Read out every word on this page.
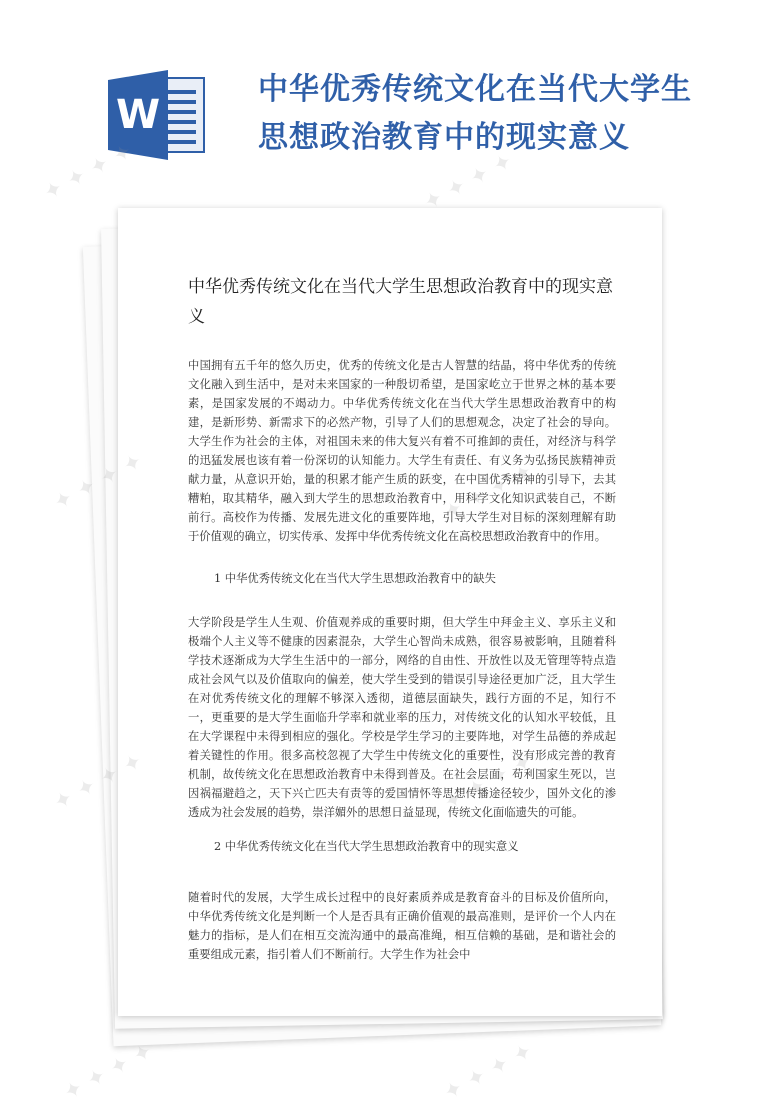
W
中华优秀传统文化在当代大学生思想政治教育中的现实意义
中华优秀传统文化在当代大学生思想政治教育中的现实意义

中国拥有五千年的悠久历史，优秀的传统文化是古人智慧的结晶，将中华优秀的传统文化融入到生活中，是对未来国家的一种殷切希望，是国家屹立于世界之林的基本要素，是国家发展的不竭动力。中华优秀传统文化在当代大学生思想政治教育中的构建，是新形势、新需求下的必然产物，引导了人们的思想观念，决定了社会的导向。大学生作为社会的主体，对祖国未来的伟大复兴有着不可推卸的责任，对经济与科学的迅猛发展也该有着一份深切的认知能力。大学生有责任、有义务为弘扬民族精神贡献力量，从意识开始，量的积累才能产生质的跃变，在中国优秀精神的引导下，去其糟粕，取其精华，融入到大学生的思想政治教育中，用科学文化知识武装自己，不断前行。高校作为传播、发展先进文化的重要阵地，引导大学生对目标的深刻理解有助于价值观的确立，切实传承、发挥中华优秀传统文化在高校思想政治教育中的作用。

1 中华优秀传统文化在当代大学生思想政治教育中的缺失

大学阶段是学生人生观、价值观养成的重要时期，但大学生中拜金主义、享乐主义和极端个人主义等不健康的因素混杂，大学生心智尚未成熟，很容易被影响，且随着科学技术逐渐成为大学生生活中的一部分，网络的自由性、开放性以及无管理等特点造成社会风气以及价值取向的偏差，使大学生受到的错误引导途径更加广泛，且大学生在对优秀传统文化的理解不够深入透彻，道德层面缺失，践行方面的不足，知行不一，更重要的是大学生面临升学率和就业率的压力，对传统文化的认知水平较低，且在大学课程中未得到相应的强化。学校是学生学习的主要阵地，对学生品德的养成起着关键性的作用。很多高校忽视了大学生中传统文化的重要性，没有形成完善的教育机制，故传统文化在思想政治教育中未得到普及。在社会层面，苟利国家生死以，岂因祸福避趋之，天下兴亡匹夫有责等的爱国情怀等思想传播途径较少，国外文化的渗透成为社会发展的趋势，崇洋媚外的思想日益显现，传统文化面临遗失的可能。

2 中华优秀传统文化在当代大学生思想政治教育中的现实意义

随着时代的发展，大学生成长过程中的良好素质养成是教育奋斗的目标及价值所向，中华优秀传统文化是判断一个人是否具有正确价值观的最高准则，是评价一个人内在魅力的指标，是人们在相互交流沟通中的最高准绳，相互信赖的基础，是和谐社会的重要组成元素，指引着人们不断前行。大学生作为社会中

✦ ✦ ✦ ✦	✦ ✦ ✦ ✦
✦ ✦
✦ ✦ ✦ ✦
✦ ✦ ✦ ✦	✦ ✦ ✦ ✦
